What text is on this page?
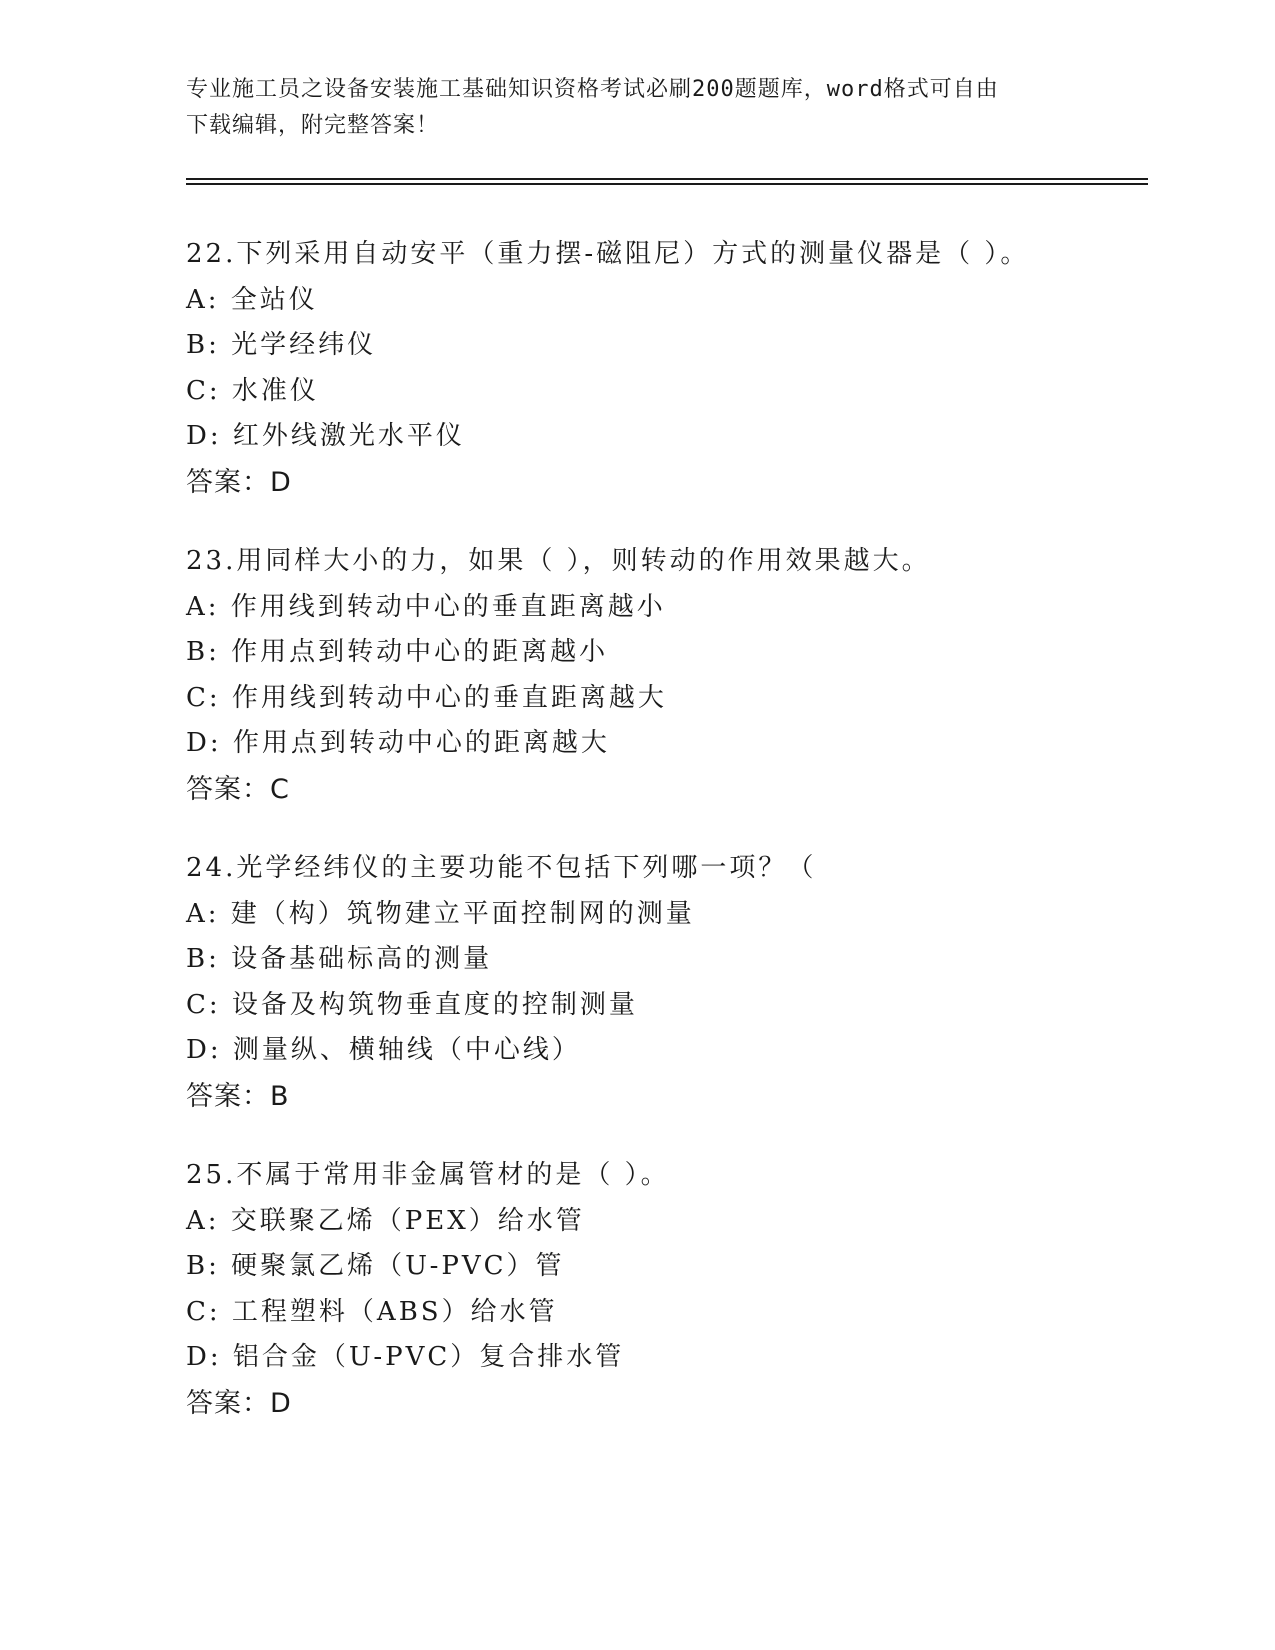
专业施工员之设备安装施工基础知识资格考试必刷200题题库，word格式可自由
下载编辑，附完整答案！
22.下列采用自动安平（重力摆-磁阻尼）方式的测量仪器是（ ）。
A: 全站仪
B: 光学经纬仪
C: 水准仪
D: 红外线激光水平仪
答案：D
23.用同样大小的力，如果（ ），则转动的作用效果越大。
A: 作用线到转动中心的垂直距离越小
B: 作用点到转动中心的距离越小
C: 作用线到转动中心的垂直距离越大
D: 作用点到转动中心的距离越大
答案：C
24.光学经纬仪的主要功能不包括下列哪一项？（
A: 建（构）筑物建立平面控制网的测量
B: 设备基础标高的测量
C: 设备及构筑物垂直度的控制测量
D: 测量纵、横轴线（中心线）
答案：B
25.不属于常用非金属管材的是（ ）。
A: 交联聚乙烯（PEX）给水管
B: 硬聚氯乙烯（U-PVC）管
C: 工程塑料（ABS）给水管
D: 铝合金（U-PVC）复合排水管
答案：D
